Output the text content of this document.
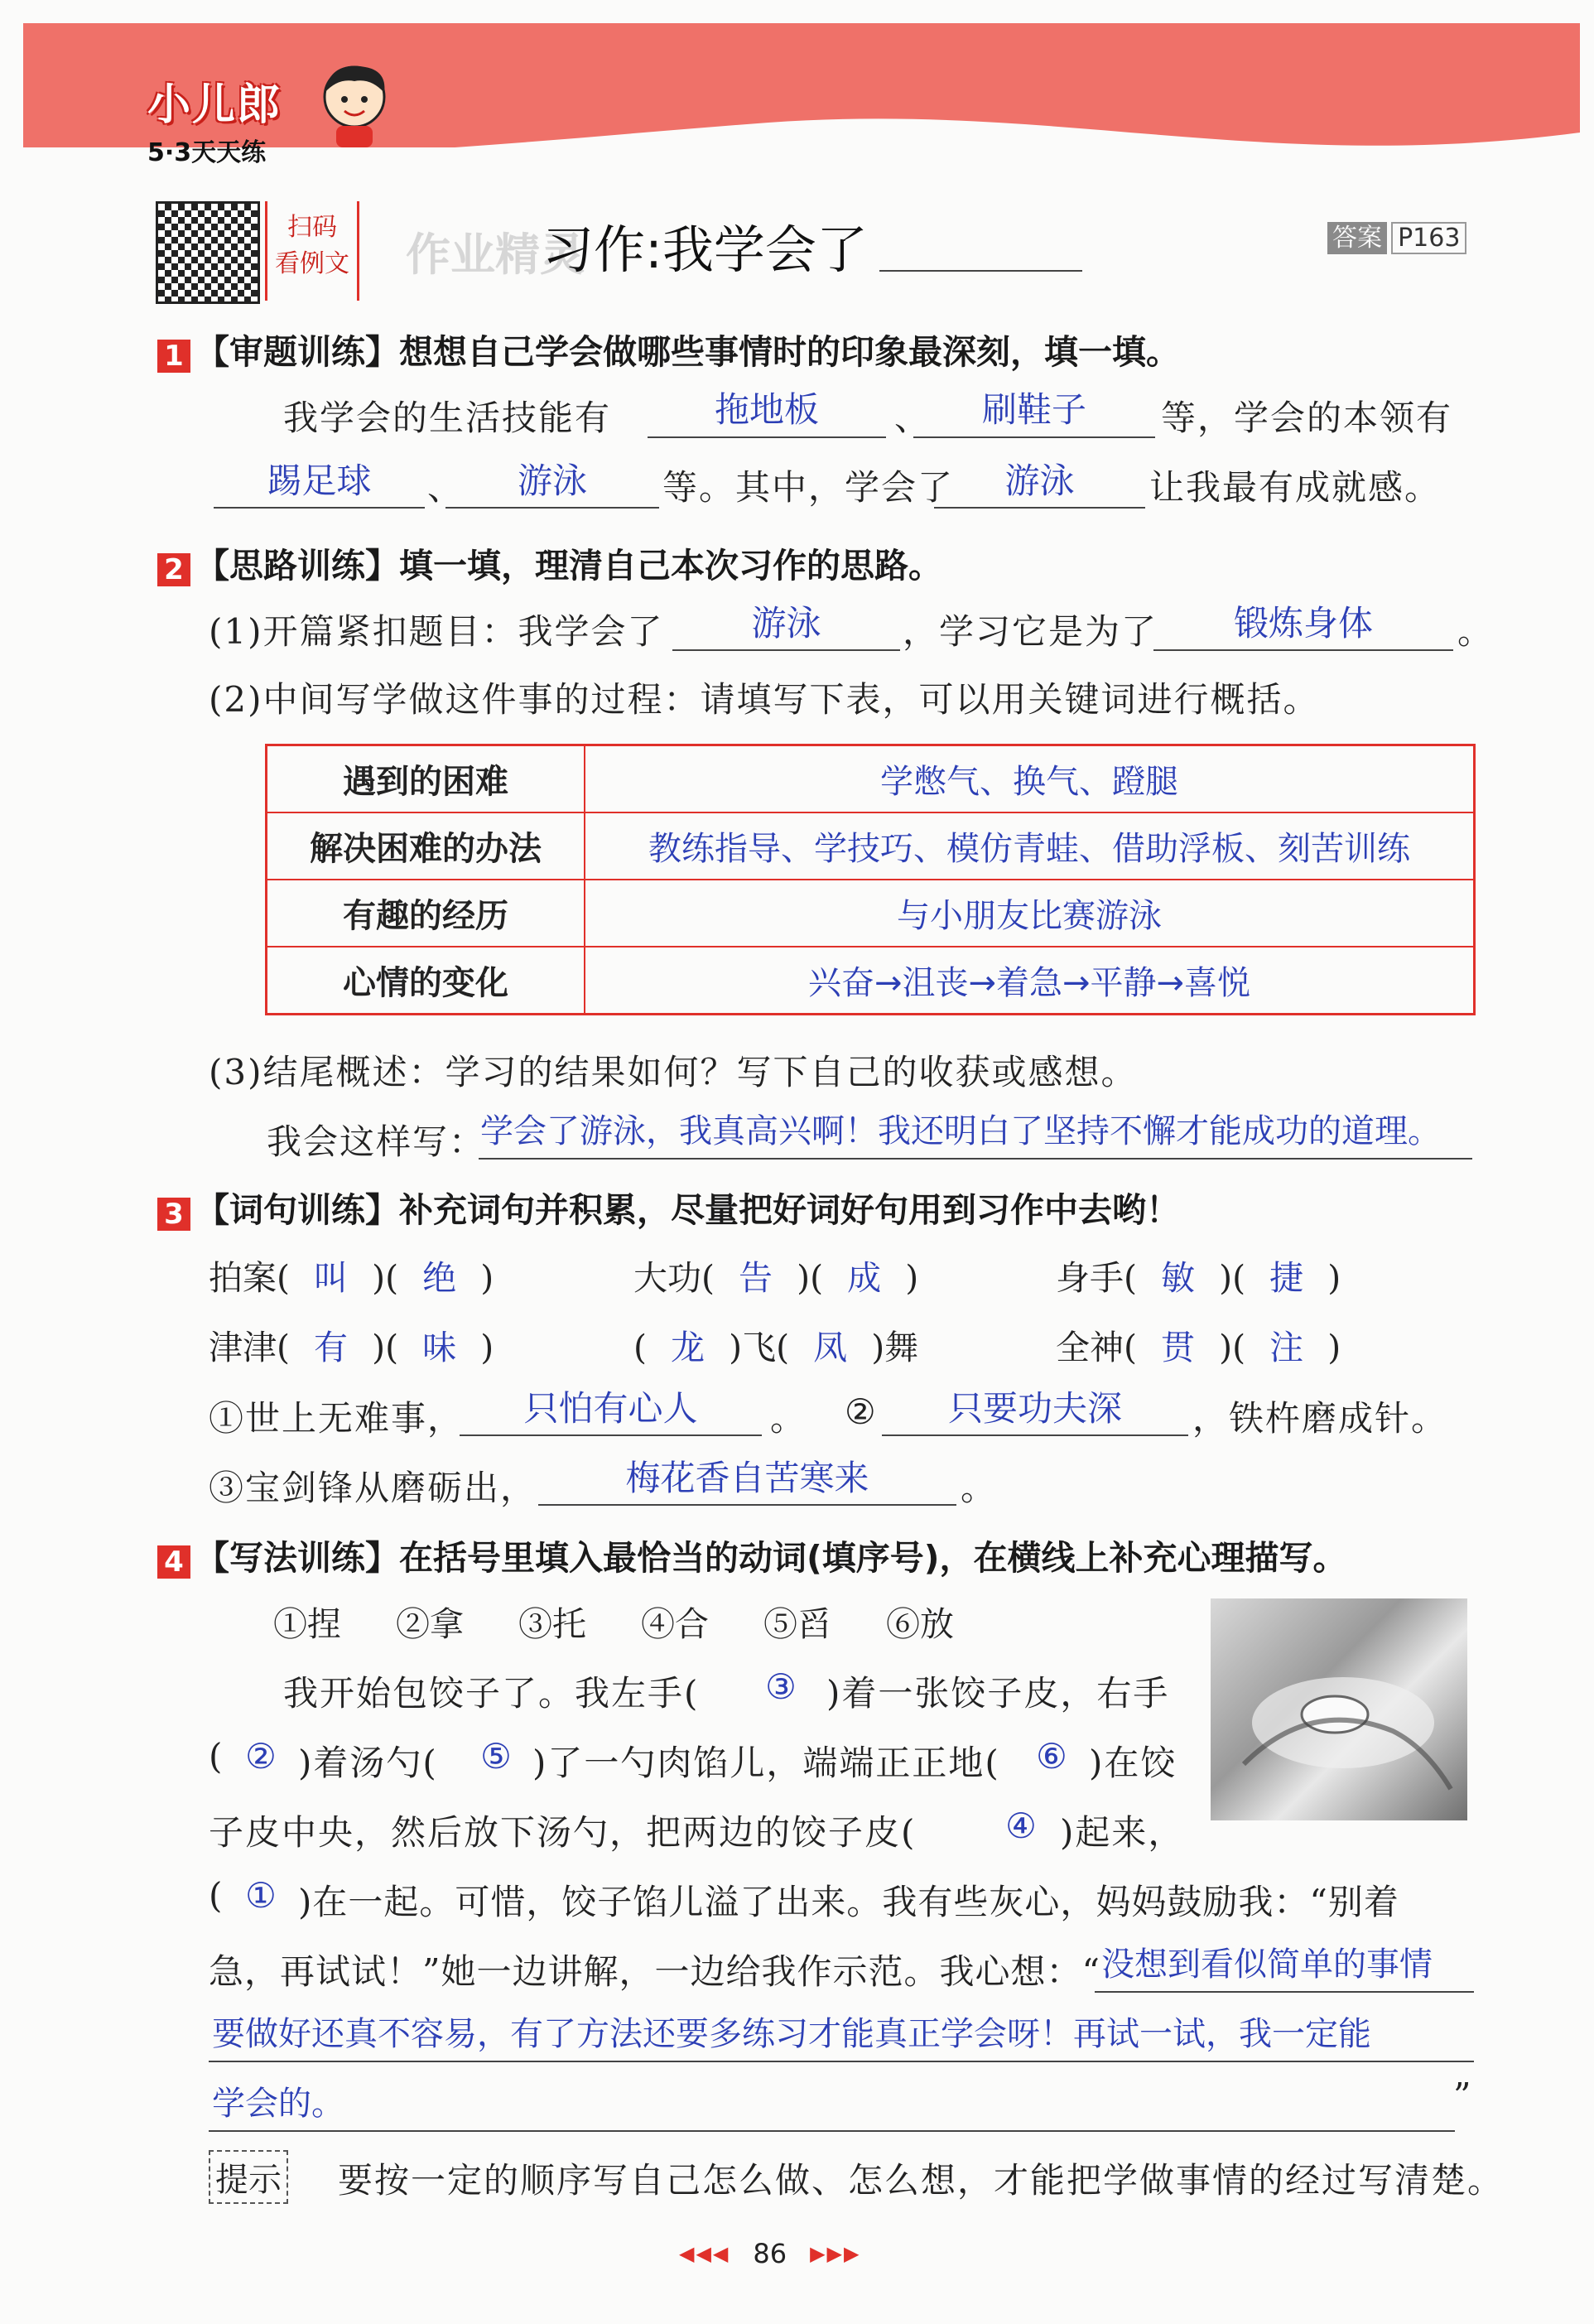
小儿郎
5·3天天练
扫码
看例文 作业精灵
习作:我学会了	答案 P163
1 【审题训练】想想自己学会做哪些事情时的印象最深刻，填一填。
我学会的生活技能有	拖地板	、	刷鞋子	等，学会的本领有
踢足球	、	游泳	等。其中，学会了	游泳	让我最有成就感。
2 【思路训练】填一填，理清自己本次习作的思路。
(1)开篇紧扣题目：我学会了	游泳	，学习它是为了	锻炼身体	。
(2)中间写学做这件事的过程：请填写下表，可以用关键词进行概括。
遇到的困难	学憋气、换气、蹬腿
解决困难的办法	教练指导、学技巧、模仿青蛙、借助浮板、刻苦训练
有趣的经历	与小朋友比赛游泳
心情的变化	兴奋→沮丧→着急→平静→喜悦
(3)结尾概述：学习的结果如何？写下自己的收获或感想。
我会这样写：
学会了游泳，我真高兴啊！我还明白了坚持不懈才能成功的道理。
3 【词句训练】补充词句并积累，尽量把好词好句用到习作中去哟！
拍案( 叫 )( 绝 )	大功( 告 )( 成 )	身手( 敏 )( 捷 )
津津( 有 )( 味 )	( 龙 )飞( 凤 )舞	全神( 贯 )( 注 )
①世上无难事，	只怕有心人	。 ②	只要功夫深	，铁杵磨成针。
③宝剑锋从磨砺出，	梅花香自苦寒来	。
4 【写法训练】在括号里填入最恰当的动词(填序号)，在横线上补充心理描写。
①捏 ②拿 ③托 ④合 ⑤舀 ⑥放
我开始包饺子了。我左手( ③ )着一张饺子皮，右手
( ② )着汤勺( ⑤ )了一勺肉馅儿，端端正正地( ⑥ )在饺
子皮中央，然后放下汤勺，把两边的饺子皮(	④ )起来，
( ① )在一起。可惜，饺子馅儿溢了出来。我有些灰心，妈妈鼓励我：“别着
急，再试试！”她一边讲解，一边给我作示范。我心想：“ 没想到看似简单的事情
要做好还真不容易，有了方法还要多练习才能真正学会呀！再试一试，我一定能
学会的。	”
提示 要按一定的顺序写自己怎么做、怎么想，才能把学做事情的经过写清楚。
◀◀◀ 86 ▶▶▶
